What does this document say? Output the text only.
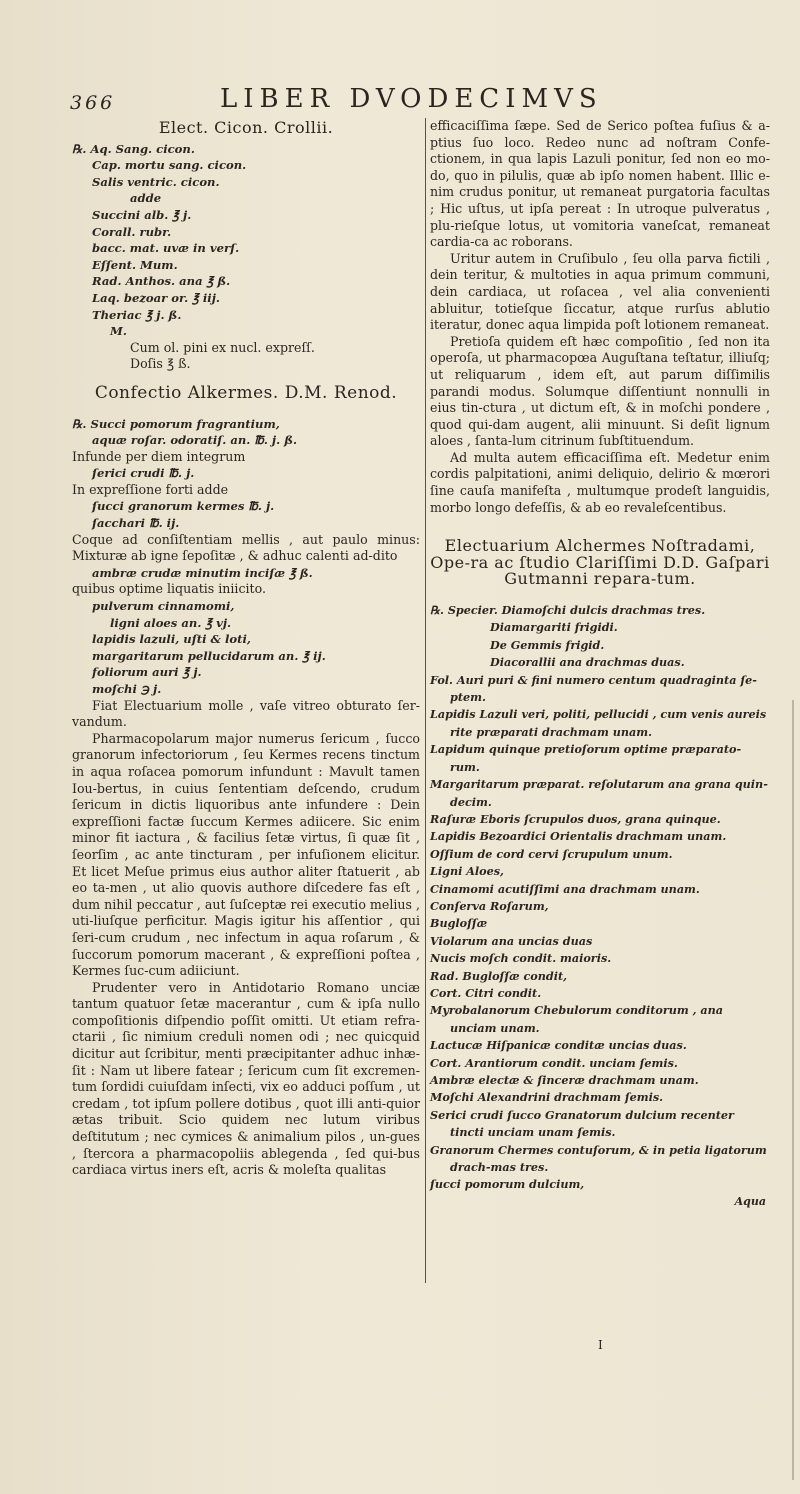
366	LIBER DVODECIMVS
Elect. Cicon. Crollii.
℞. Aq. Sang. cicon.
Cap. mortu sang. cicon.
Salis ventric. cicon.
adde
Succini alb. ℥ j.
Corall. rubr.
bacc. mat. uvæ in verſ.
Eſſent. Mum.
Rad. Anthos. ana ℥ ß.
Laq. bezoar or. ℥ iij.
Theriac ℥ j. ß.
M.
Cum ol. pini ex nucl. expreſſ.
Doſis ℥ ß.
Confectio Alkermes. D.M. Renod.
℞. Succi pomorum fragrantium,
aquæ roſar. odoratiſ. an. ℔. j. ß.
Infunde per diem integrum
ſerici crudi ℔. j.
In expreſſione forti adde
ſucci granorum kermes ℔. j.
ſacchari ℔. ij.

Coque ad conſiſtentiam mellis , aut paulo minus: Mixturæ ab igne ſepoſitæ , & adhuc calenti ad-dito

ambræ crudæ minutim inciſæ ℥ ß.
quibus optime liquatis iniicito.
pulverum cinnamomi,
ligni aloes an. ℥ vj.
lapidis lazuli, uſti & loti,
margaritarum pellucidarum an. ℥ ij.
foliorum auri ℥ j.
moſchi ℈ j.

Fiat Electuarium molle , vaſe vitreo obturato ſer-vandum.

Pharmacopolarum major numerus ſericum , ſucco granorum infectoriorum , ſeu Kermes recens tinctum in aqua roſacea pomorum infundunt : Mavult tamen Iou-bertus, in cuius ſententiam deſcendo, crudum ſericum in dictis liquoribus ante infundere : Dein expreſſioni factæ ſuccum Kermes adiicere. Sic enim minor fit iactura , & facilius ſetæ virtus, ſi quæ ſit , ſeorſim , ac ante tincturam , per infuſionem elicitur. Et licet Meſue primus eius author aliter ſtatuerit , ab eo ta-men , ut alio quovis authore diſcedere fas eſt , dum nihil peccatur , aut ſuſceptæ rei executio melius , uti-liuſque perficitur. Magis igitur his aſſentior , qui ſeri-cum crudum , nec infectum in aqua roſarum , & ſuccorum pomorum macerant , & expreſſioni poſtea , Kermes ſuc-cum adiiciunt.

Prudenter vero in Antidotario Romano unciæ tantum quatuor ſetæ macerantur , cum & ipſa nullo compoſitionis diſpendio poſſit omitti. Ut etiam refra-ctarii , ſic nimium creduli nomen odi ; nec quicquid dicitur aut ſcribitur, menti præcipitanter adhuc inhæ-ſit : Nam ut libere fatear ; ſericum cum ſit excremen-tum ſordidi cuiuſdam inſecti, vix eo adduci poſſum , ut credam , tot ipſum pollere dotibus , quot illi anti-quior ætas tribuit. Scio quidem nec lutum viribus deſtitutum ; nec cymices & animalium pilos , un-gues , ſtercora a pharmacopoliis ablegenda , ſed qui-bus cardiaca virtus iners eſt, acris & moleſta qualitas

efficaciſſima ſæpe. Sed de Serico poſtea fuſius & a-ptius ſuo loco. Redeo nunc ad noſtram Confe-ctionem, in qua lapis Lazuli ponitur, ſed non eo mo-do, quo in pilulis, quæ ab ipſo nomen habent. Illic e-nim crudus ponitur, ut remaneat purgatoria facultas ; Hic uſtus, ut ipſa pereat : In utroque pulveratus , plu-rieſque lotus, ut vomitoria vaneſcat, remaneat cardia-ca ac roborans.

Uritur autem in Cruſibulo , ſeu olla parva fictili , dein teritur, & multoties in aqua primum communi, dein cardiaca, ut roſacea , vel alia convenienti abluitur, totieſque ſiccatur, atque rurſus ablutio iteratur, donec aqua limpida poſt lotionem remaneat.

Pretioſa quidem eſt hæc compoſitio , ſed non ita operoſa, ut pharmacopœa Auguſtana teſtatur, illiuſq; ut reliquarum , idem eſt, aut parum diſſimilis parandi modus. Solumque diſſentiunt nonnulli in eius tin-ctura , ut dictum eſt, & in moſchi pondere , quod qui-dam augent, alii minuunt. Si deſit lignum aloes , ſanta-lum citrinum ſubſtituendum.

Ad multa autem efficaciſſima eſt. Medetur enim cordis palpitationi, animi deliquio, delirio & mœrori ſine cauſa manifeſta , multumque prodeſt languidis, morbo longo defeſſis, & ab eo revaleſcentibus.

Electuarium Alchermes Noſtradami, Ope-ra ac ſtudio Clariſſimi D.D. Gaſpari Gutmanni repara-tum.
℞. Specier. Diamoſchi dulcis drachmas tres.
Diamargariti frigidi.
De Gemmis frigid.
Diacorallii ana drachmas duas.
Fol. Auri puri & fini numero centum quadraginta ſe-ptem.
Lapidis Lazuli veri, politi, pellucidi , cum venis aureis rite præparati drachmam unam.
Lapidum quinque pretioſorum optime præparato-rum.
Margaritarum præparat. reſolutarum ana grana quin-decim.
Raſuræ Eboris ſcrupulos duos, grana quinque.
Lapidis Bezoardici Orientalis drachmam unam.
Oſſium de cord cervi ſcrupulum unum.
Ligni Aloes,
Cinamomi acutiſſimi ana drachmam unam.
Conſerva Roſarum,
Bugloſſæ
Violarum ana uncias duas
Nucis moſch condit. maioris.
Rad. Bugloſſæ condit,
Cort. Citri condit.
Myrobalanorum Chebulorum conditorum , ana unciam unam.
Lactucæ Hiſpanicæ conditæ uncias duas.
Cort. Arantiorum condit. unciam ſemis.
Ambræ electæ & ſinceræ drachmam unam.
Moſchi Alexandrini drachmam ſemis.
Serici crudi ſucco Granatorum dulcium recenter tincti unciam unam ſemis.
Granorum Chermes contuſorum, & in petia ligatorum drach-mas tres.
ſucci pomorum dulcium,
Aqua
I
